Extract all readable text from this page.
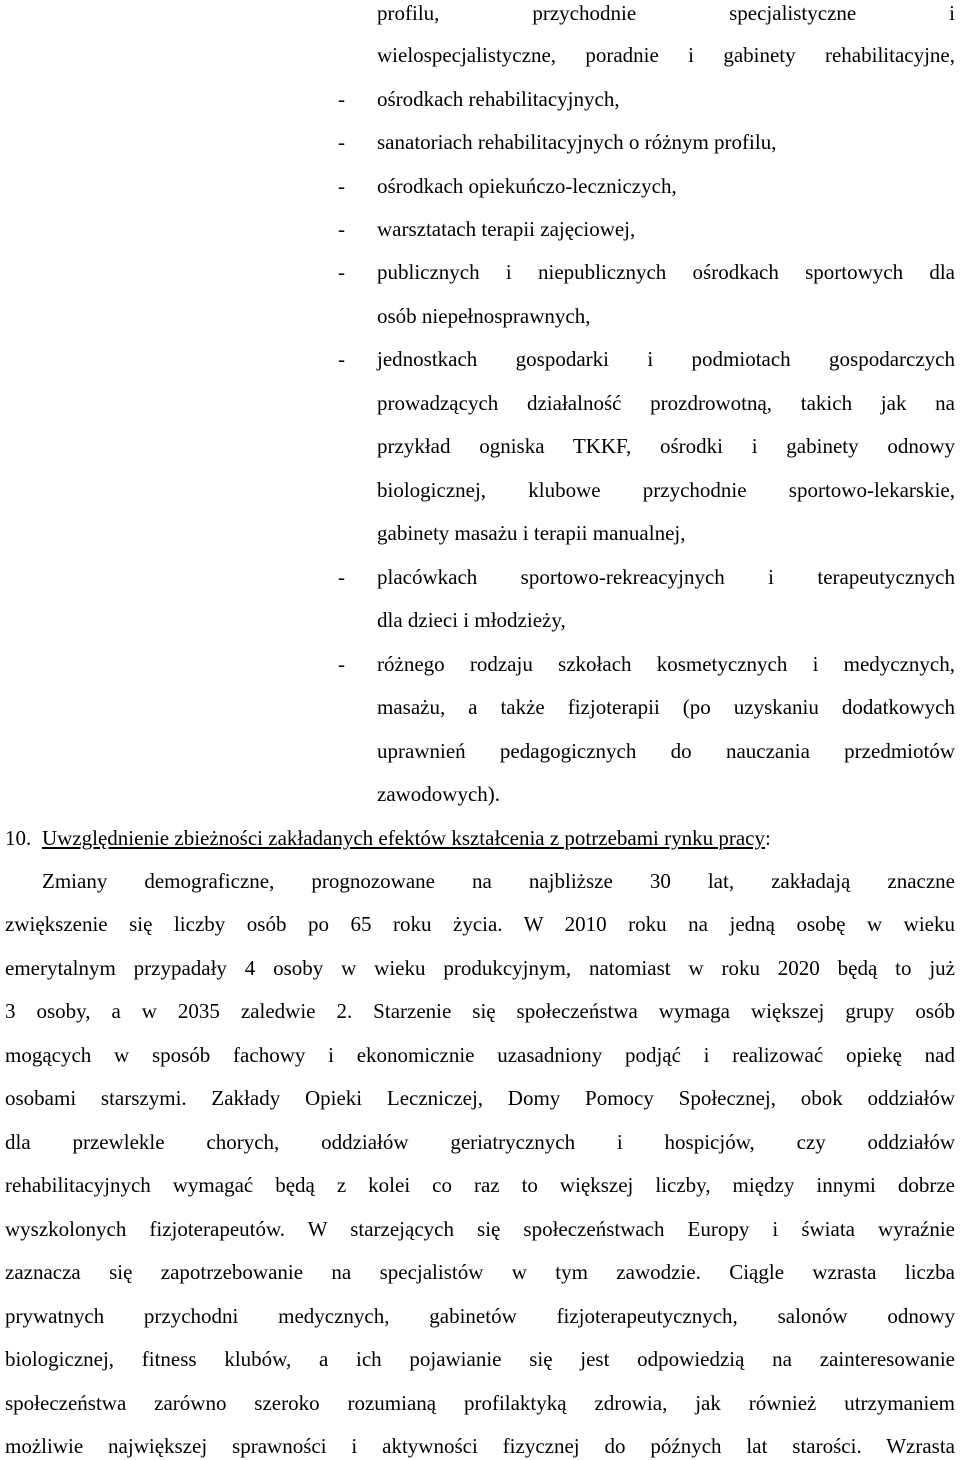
profilu, przychodnie specjalistyczne i
wielospecjalistyczne, poradnie i gabinety rehabilitacyjne,
- ośrodkach rehabilitacyjnych,
- sanatoriach rehabilitacyjnych o różnym profilu,
- ośrodkach opiekuńczo-leczniczych,
- warsztatach terapii zajęciowej,
- publicznych i niepublicznych ośrodkach sportowych dla
osób niepełnosprawnych,
- jednostkach gospodarki i podmiotach gospodarczych
prowadzących działalność prozdrowotną, takich jak na
przykład ogniska TKKF, ośrodki i gabinety odnowy
biologicznej, klubowe przychodnie sportowo-lekarskie,
gabinety masażu i terapii manualnej,
- placówkach sportowo-rekreacyjnych i terapeutycznych
dla dzieci i młodzieży,
- różnego rodzaju szkołach kosmetycznych i medycznych,
masażu, a także fizjoterapii (po uzyskaniu dodatkowych
uprawnień pedagogicznych do nauczania przedmiotów
zawodowych).
10. Uwzględnienie zbieżności zakładanych efektów kształcenia z potrzebami rynku pracy:
Zmiany demograficzne, prognozowane na najbliższe 30 lat, zakładają znaczne
zwiększenie się liczby osób po 65 roku życia. W 2010 roku na jedną osobę w wieku
emerytalnym przypadały 4 osoby w wieku produkcyjnym, natomiast w roku 2020 będą to już
3 osoby, a w 2035 zaledwie 2. Starzenie się społeczeństwa wymaga większej grupy osób
mogących w sposób fachowy i ekonomicznie uzasadniony podjąć i realizować opiekę nad
osobami starszymi. Zakłady Opieki Leczniczej, Domy Pomocy Społecznej, obok oddziałów
dla przewlekle chorych, oddziałów geriatrycznych i hospicjów, czy oddziałów
rehabilitacyjnych wymagać będą z kolei co raz to większej liczby, między innymi dobrze
wyszkolonych fizjoterapeutów. W starzejących się społeczeństwach Europy i świata wyraźnie
zaznacza się zapotrzebowanie na specjalistów w tym zawodzie. Ciągle wzrasta liczba
prywatnych przychodni medycznych, gabinetów fizjoterapeutycznych, salonów odnowy
biologicznej, fitness klubów, a ich pojawianie się jest odpowiedzią na zainteresowanie
społeczeństwa zarówno szeroko rozumianą profilaktyką zdrowia, jak również utrzymaniem
możliwie największej sprawności i aktywności fizycznej do późnych lat starości. Wzrasta
